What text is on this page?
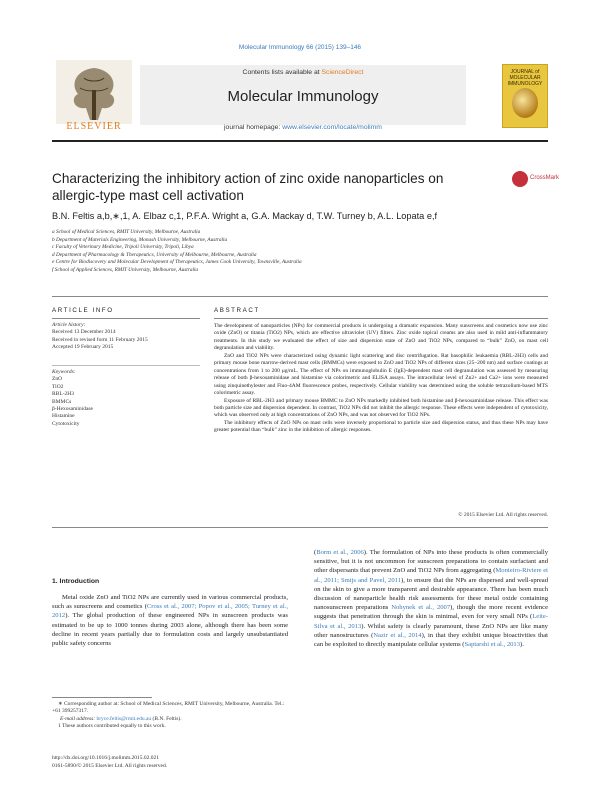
Molecular Immunology 66 (2015) 139–146
ELSEVIER
Contents lists available at ScienceDirect
Molecular Immunology
journal homepage: www.elsevier.com/locate/molimm
JOURNAL of MOLECULAR IMMUNOLOGY
Characterizing the inhibitory action of zinc oxide nanoparticles on allergic-type mast cell activation
CrossMark
B.N. Feltis a,b,∗,1, A. Elbaz c,1, P.F.A. Wright a, G.A. Mackay d, T.W. Turney b, A.L. Lopata e,f
a School of Medical Sciences, RMIT University, Melbourne, Australia
b Department of Materials Engineering, Monash University, Melbourne, Australia
c Faculty of Veterinary Medicine, Tripoli University, Tripoli, Libya
d Department of Pharmacology & Therapeutics, University of Melbourne, Melbourne, Australia
e Centre for Biodiscovery and Molecular Development of Therapeutics, James Cook University, Townsville, Australia
f School of Applied Sciences, RMIT University, Melbourne, Australia
ARTICLE INFO
Article history:
Received 13 December 2014
Received in revised form 11 February 2015
Accepted 19 February 2015
Keywords:
ZnO
TiO2
RBL-2H3
BMMCs
β-Hexosaminidase
Histamine
Cytotoxicity
ABSTRACT

The development of nanoparticles (NPs) for commercial products is undergoing a dramatic expansion. Many sunscreens and cosmetics now use zinc oxide (ZnO) or titania (TiO2) NPs, which are effective ultraviolet (UV) filters. Zinc oxide topical creams are also used in mild anti-inflammatory treatments. In this study we evaluated the effect of size and dispersion state of ZnO and TiO2 NPs, compared to “bulk” ZnO, on mast cell degranulation and viability.

ZnO and TiO2 NPs were characterized using dynamic light scattering and disc centrifugation. Rat basophilic leukaemia (RBL-2H3) cells and primary mouse bone marrow-derived mast cells (BMMCs) were exposed to ZnO and TiO2 NPs of different sizes (25–200 nm) and surface coatings at concentrations from 1 to 200 μg/mL. The effect of NPs on immunoglobulin E (IgE)-dependent mast cell degranulation was assessed by measuring release of both β-hexosaminidase and histamine via colorimetric and ELISA assays. The intracellular level of Zn2+ and Ca2+ ions were measured using zinquinethylester and Fluo-4AM fluorescence probes, respectively. Cellular viability was determined using the soluble tetrazolium-based MTS colorimetric assay.

Exposure of RBL-2H3 and primary mouse BMMC to ZnO NPs markedly inhibited both histamine and β-hexosaminidase release. This effect was both particle size and dispersion dependent. In contrast, TiO2 NPs did not inhibit the allergic response. These effects were independent of cytotoxicity, which was observed only at high concentrations of ZnO NPs, and was not observed for TiO2 NPs.

The inhibitory effects of ZnO NPs on mast cells were inversely proportional to particle size and dispersion status, and thus these NPs may have greater potential than “bulk” zinc in the inhibition of allergic responses.

© 2015 Elsevier Ltd. All rights reserved.
1. Introduction
Metal oxide ZnO and TiO2 NPs are currently used in various commercial products, such as sunscreens and cosmetics (Cross et al., 2007; Popov et al., 2005; Turney et al., 2012). The global production of these engineered NPs in sunscreen products was estimated to be up to 1000 tonnes during 2003 alone, although there has been some decline in recent years partially due to formulation costs and largely unsubstantiated public safety concerns
(Borm et al., 2006). The formulation of NPs into these products is often commercially sensitive, but it is not uncommon for sunscreen preparations to contain surfactant and other dispersants that prevent ZnO and TiO2 NPs from aggregating (Monteiro-Riviere et al., 2011; Smijs and Pavel, 2011), to ensure that the NPs are dispersed and well-spread on the skin to give a more transparent and desirable appearance. There has been much discussion of nanoparticle health risk assessments for these metal oxide containing nanosunscreen preparations Nohynek et al., 2007), though the more recent evidence suggests that penetration through the skin is minimal, even for very small NPs (Leite-Silva et al., 2013). Whilst safety is clearly paramount, these ZnO NPs are like many other nanostructures (Nazir et al., 2014), in that they exhibit unique bioactivities that can be exploited to directly manipulate cellular systems (Saptarshi et al., 2013).
∗ Corresponding author at: School of Medical Sciences, RMIT University, Melbourne, Australia. Tel.: +61 399257317.
E-mail address: bryce.feltis@rmit.edu.au (B.N. Feltis).
1 These authors contributed equally to this work.
http://dx.doi.org/10.1016/j.molimm.2015.02.021
0161-5890/© 2015 Elsevier Ltd. All rights reserved.
